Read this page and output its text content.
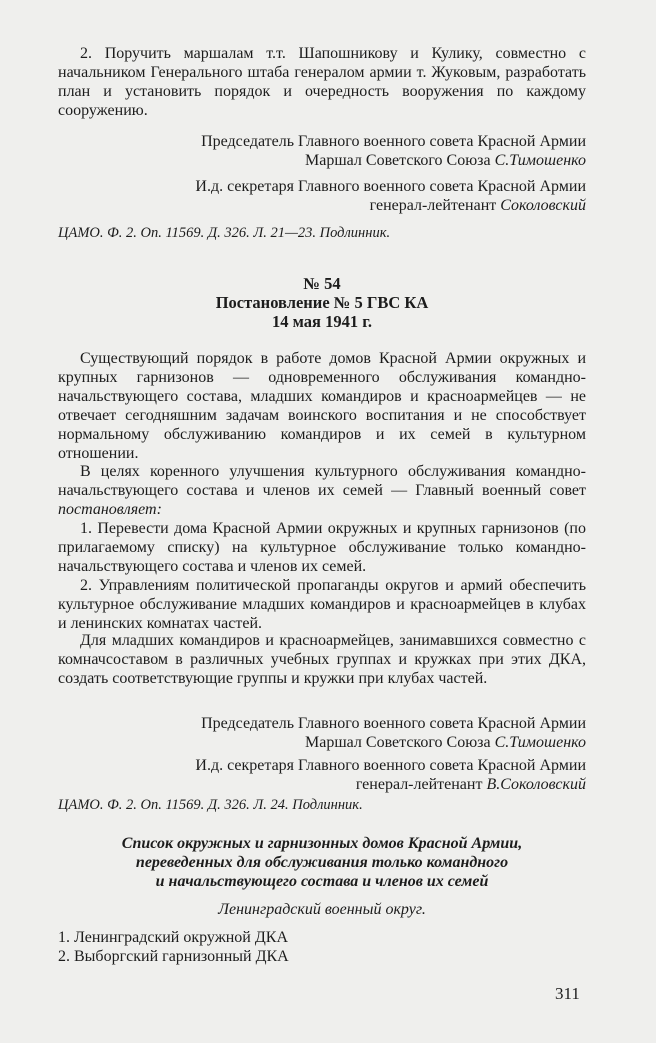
2. Поручить маршалам т.т. Шапошникову и Кулику, совместно с начальником Генерального штаба генералом армии т. Жуковым, разработать план и установить порядок и очередность вооружения по каждому сооружению.
Председатель Главного военного совета Красной Армии
Маршал Советского Союза С.Тимошенко
И.д. секретаря Главного военного совета Красной Армии
генерал-лейтенант Соколовский
ЦАМО. Ф. 2. Оп. 11569. Д. 326. Л. 21—23. Подлинник.
№ 54
Постановление № 5 ГВС КА
14 мая 1941 г.
Существующий порядок в работе домов Красной Армии окружных и крупных гарнизонов — одновременного обслуживания командно-начальствующего состава, младших командиров и красноармейцев — не отвечает сегодняшним задачам воинского воспитания и не способствует нормальному обслуживанию командиров и их семей в культурном отношении.
В целях коренного улучшения культурного обслуживания командно-начальствующего состава и членов их семей — Главный военный совет постановляет:
1. Перевести дома Красной Армии окружных и крупных гарнизонов (по прилагаемому списку) на культурное обслуживание только командно-начальствующего состава и членов их семей.
2. Управлениям политической пропаганды округов и армий обеспечить культурное обслуживание младших командиров и красноармейцев в клубах и ленинских комнатах частей.
Для младших командиров и красноармейцев, занимавшихся совместно с комначсоставом в различных учебных группах и кружках при этих ДКА, создать соответствующие группы и кружки при клубах частей.
Председатель Главного военного совета Красной Армии
Маршал Советского Союза С.Тимошенко
И.д. секретаря Главного военного совета Красной Армии
генерал-лейтенант В.Соколовский
ЦАМО. Ф. 2. Оп. 11569. Д. 326. Л. 24. Подлинник.
Список окружных и гарнизонных домов Красной Армии,
переведенных для обслуживания только командного
и начальствующего состава и членов их семей
Ленинградский военный округ.
1. Ленинградский окружной ДКА
2. Выборгский гарнизонный ДКА
311
